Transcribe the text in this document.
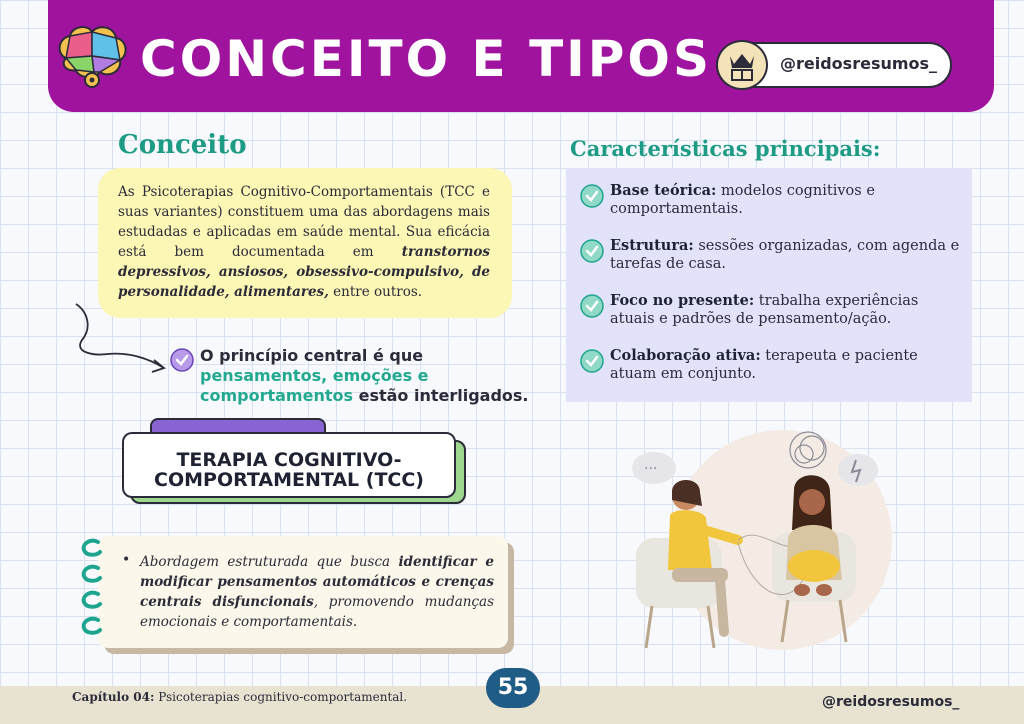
CONCEITO E TIPOS	@reidosresumos_
Conceito

As Psicoterapias Cognitivo-Comportamentais (TCC e suas variantes) constituem uma das abordagens mais estudadas e aplicadas em saúde mental. Sua eficácia está bem documentada em transtornos depressivos, ansiosos, obsessivo-compulsivo, de personalidade, alimentares, entre outros.

O princípio central é que pensamentos, emoções e comportamentos estão interligados.

TERAPIA COGNITIVO-
COMPORTAMENTAL (TCC)
• Abordagem estruturada que busca identificar e modificar pensamentos automáticos e crenças centrais disfuncionais, promovendo mudanças emocionais e comportamentais.

Características principais:

Base teórica: modelos cognitivos e comportamentais.

Estrutura: sessões organizadas, com agenda e tarefas de casa.

Foco no presente: trabalha experiências atuais e padrões de pensamento/ação.

Colaboração ativa: terapeuta e paciente atuam em conjunto.

···

Capítulo 04: Psicoterapias cognitivo-comportamental.	55
@reidosresumos_
